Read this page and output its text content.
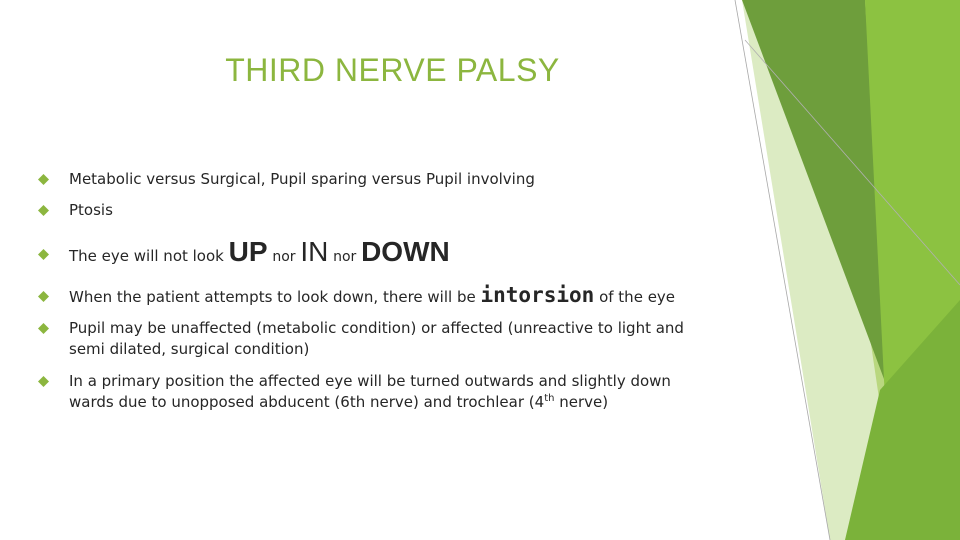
THIRD NERVE PALSY
Metabolic versus Surgical, Pupil sparing versus Pupil involving
Ptosis
The eye will not look UP nor IN nor DOWN
When the patient attempts to look down, there will be intorsion of the eye
Pupil may be unaffected (metabolic condition) or affected (unreactive to light and semi dilated, surgical condition)
In a primary position the affected eye will be turned outwards and slightly down wards due to unopposed abducent (6th nerve) and trochlear (4th nerve)
